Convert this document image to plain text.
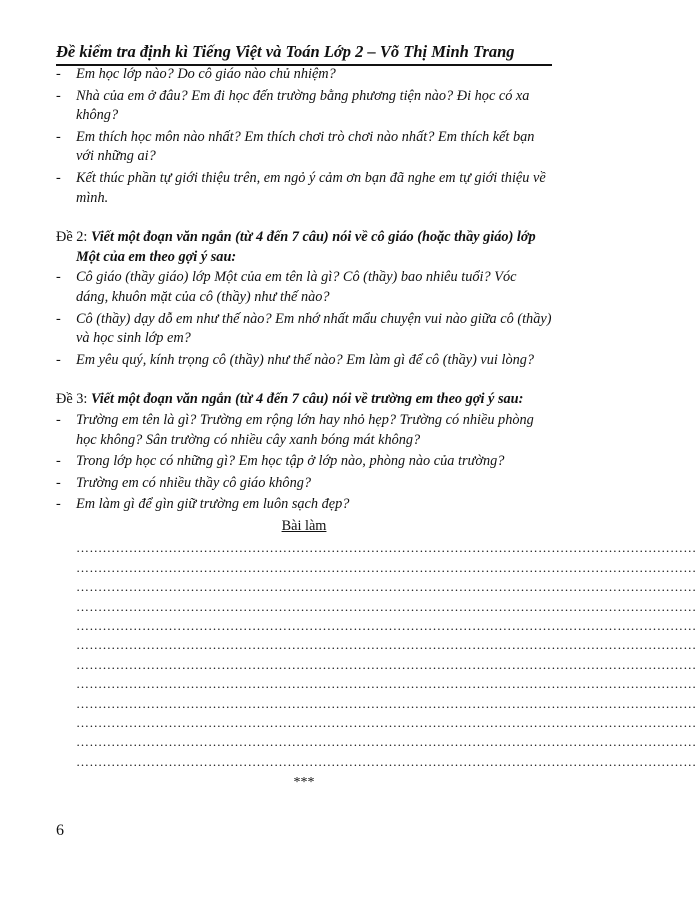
Đề kiểm tra định kì Tiếng Việt và Toán Lớp 2 – Võ Thị Minh Trang
- Em học lớp nào? Do cô giáo nào chủ nhiệm?
- Nhà của em ở đâu? Em đi học đến trường bằng phương tiện nào? Đi học có xa không?
- Em thích học môn nào nhất? Em thích chơi trò chơi nào nhất? Em thích kết bạn với những ai?
- Kết thúc phần tự giới thiệu trên, em ngỏ ý cảm ơn bạn đã nghe em tự giới thiệu về mình.
Đề 2: Viết một đoạn văn ngắn (từ 4 đến 7 câu) nói về cô giáo (hoặc thầy giáo) lớp Một của em theo gợi ý sau:
- Cô giáo (thầy giáo) lớp Một của em tên là gì? Cô (thầy) bao nhiêu tuổi? Vóc dáng, khuôn mặt của cô (thầy) như thế nào?
- Cô (thầy) dạy dỗ em như thế nào? Em nhớ nhất mẩu chuyện vui nào giữa cô (thầy) và học sinh lớp em?
- Em yêu quý, kính trọng cô (thầy) như thế nào? Em làm gì để cô (thầy) vui lòng?
Đề 3: Viết một đoạn văn ngắn (từ 4 đến 7 câu) nói về trường em theo gợi ý sau:
- Trường em tên là gì? Trường em rộng lớn hay nhỏ hẹp? Trường có nhiều phòng học không? Sân trường có nhiều cây xanh bóng mát không?
- Trong lớp học có những gì? Em học tập ở lớp nào, phòng nào của trường?
- Trường em có nhiều thầy cô giáo không?
- Em làm gì để gìn giữ trường em luôn sạch đẹp?
Bài làm
……………………………………………………………………………………………………………………………
……………………………………………………………………………………………………………………………
……………………………………………………………………………………………………………………………
……………………………………………………………………………………………………………………………
……………………………………………………………………………………………………………………………
……………………………………………………………………………………………………………………………
……………………………………………………………………………………………………………………………
……………………………………………………………………………………………………………………………
……………………………………………………………………………………………………………………………
……………………………………………………………………………………………………………………………
……………………………………………………………………………………………………………………………
……………………………………………………………………………………………………………………………
***
6
